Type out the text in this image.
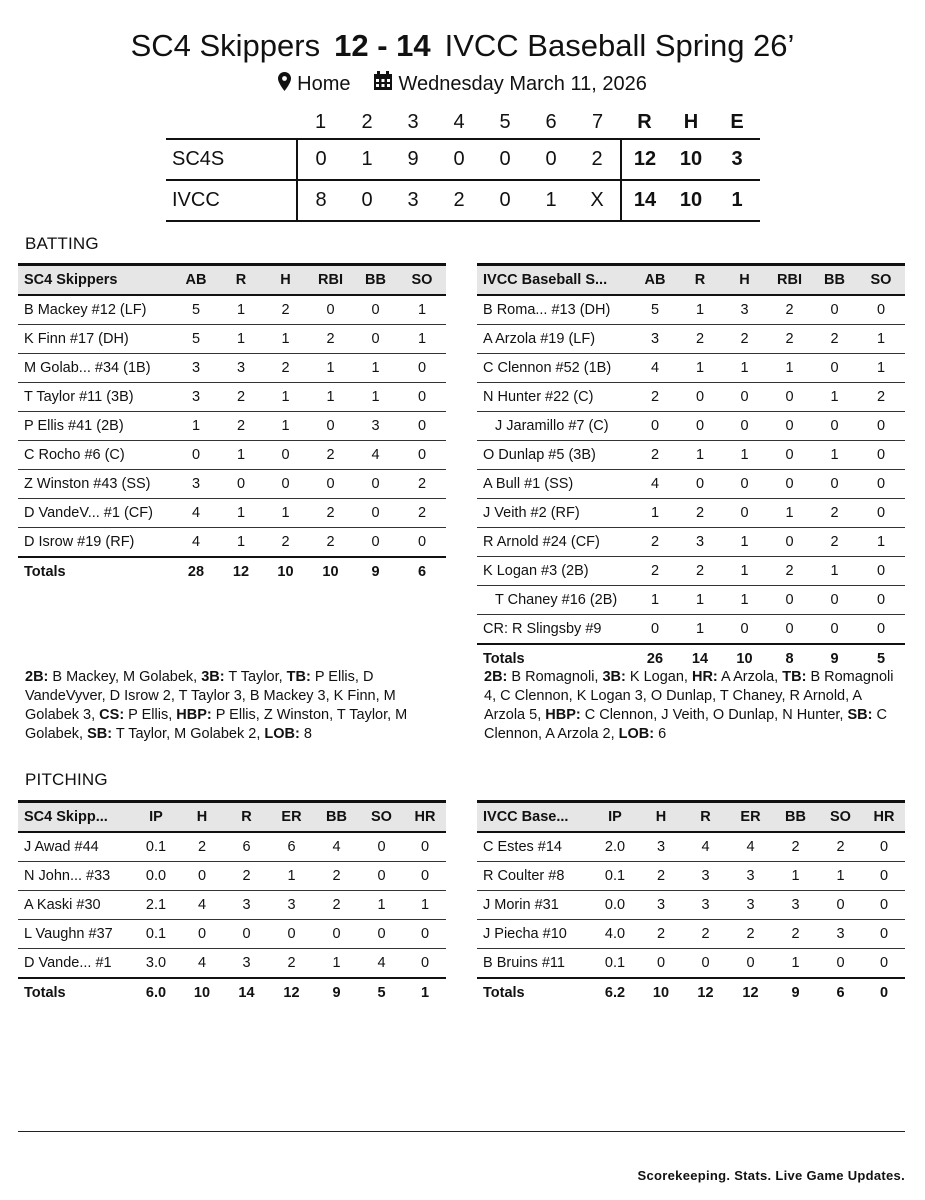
SC4 Skippers 12 - 14 IVCC Baseball Spring 26’
Home Wednesday March 11, 2026
	1	2	3	4	5	6	7	R	H	E
SC4S	0	1	9	0	0	0	2	12	10	3
IVCC	8	0	3	2	0	1	X	14	10	1
BATTING
SC4 Skippers	AB	R	H	RBI	BB	SO
B Mackey #12 (LF)	5	1	2	0	0	1
K Finn #17 (DH)	5	1	1	2	0	1
M Golab... #34 (1B)	3	3	2	1	1	0
T Taylor #11 (3B)	3	2	1	1	1	0
P Ellis #41 (2B)	1	2	1	0	3	0
C Rocho #6 (C)	0	1	0	2	4	0
Z Winston #43 (SS)	3	0	0	0	0	2
D VandeV... #1 (CF)	4	1	1	2	0	2
D Isrow #19 (RF)	4	1	2	2	0	0
Totals	28	12	10	10	9	6
IVCC Baseball S...	AB	R	H	RBI	BB	SO
B Roma... #13 (DH)	5	1	3	2	0	0
A Arzola #19 (LF)	3	2	2	2	2	1
C Clennon #52 (1B)	4	1	1	1	0	1
N Hunter #22 (C)	2	0	0	0	1	2
J Jaramillo #7 (C)	0	0	0	0	0	0
O Dunlap #5 (3B)	2	1	1	0	1	0
A Bull #1 (SS)	4	0	0	0	0	0
J Veith #2 (RF)	1	2	0	1	2	0
R Arnold #24 (CF)	2	3	1	0	2	1
K Logan #3 (2B)	2	2	1	2	1	0
T Chaney #16 (2B)	1	1	1	0	0	0
CR: R Slingsby #9	0	1	0	0	0	0
Totals	26	14	10	8	9	5
2B: B Mackey, M Golabek, 3B: T Taylor, TB: P Ellis, D VandeVyver, D Isrow 2, T Taylor 3, B Mackey 3, K Finn, M Golabek 3, CS: P Ellis, HBP: P Ellis, Z Winston, T Taylor, M Golabek, SB: T Taylor, M Golabek 2, LOB: 8
2B: B Romagnoli, 3B: K Logan, HR: A Arzola, TB: B Romagnoli 4, C Clennon, K Logan 3, O Dunlap, T Chaney, R Arnold, A Arzola 5, HBP: C Clennon, J Veith, O Dunlap, N Hunter, SB: C Clennon, A Arzola 2, LOB: 6
PITCHING
SC4 Skipp...	IP	H	R	ER	BB	SO	HR
J Awad #44	0.1	2	6	6	4	0	0
N John... #33	0.0	0	2	1	2	0	0
A Kaski #30	2.1	4	3	3	2	1	1
L Vaughn #37	0.1	0	0	0	0	0	0
D Vande... #1	3.0	4	3	2	1	4	0
Totals	6.0	10	14	12	9	5	1
IVCC Base...	IP	H	R	ER	BB	SO	HR
C Estes #14	2.0	3	4	4	2	2	0
R Coulter #8	0.1	2	3	3	1	1	0
J Morin #31	0.0	3	3	3	3	0	0
J Piecha #10	4.0	2	2	2	2	3	0
B Bruins #11	0.1	0	0	0	1	0	0
Totals	6.2	10	12	12	9	6	0
Scorekeeping. Stats. Live Game Updates.
